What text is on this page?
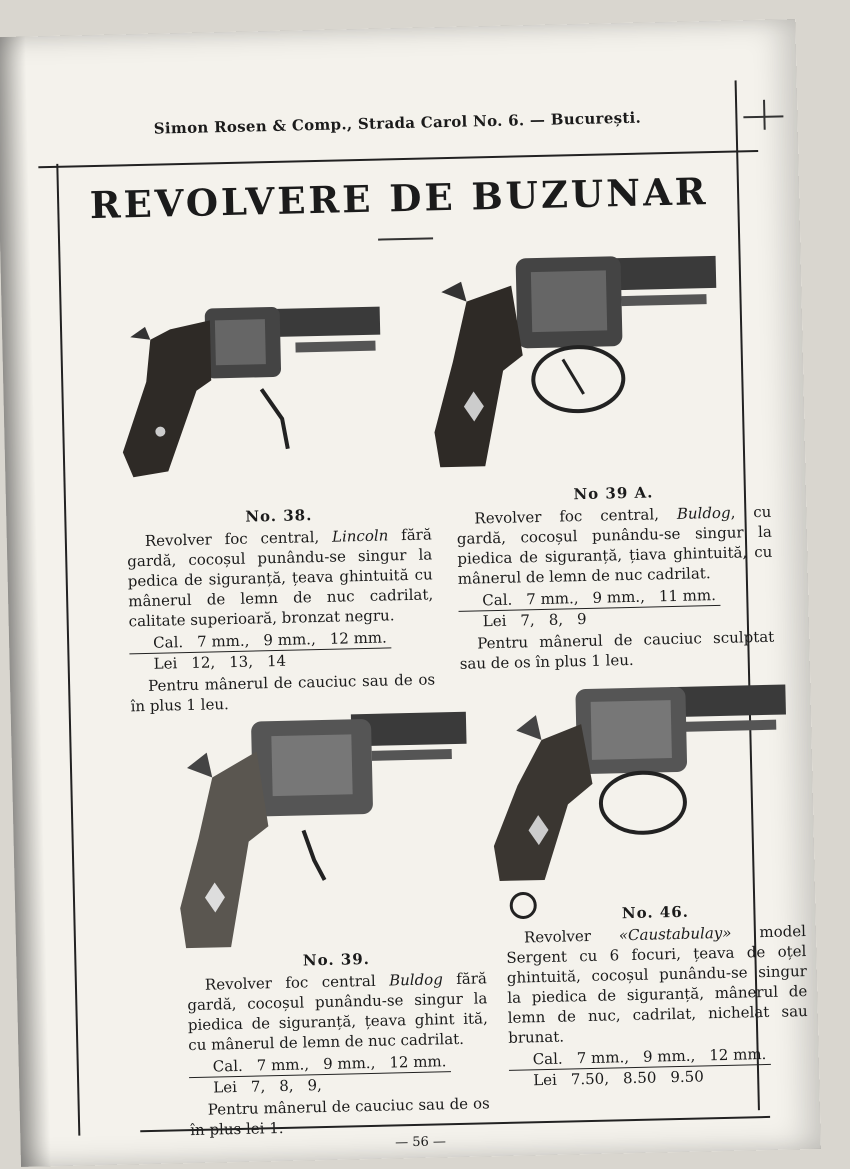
Simon Rosen & Comp., Strada Carol No. 6. — București.
REVOLVERE DE BUZUNAR
No. 38.

Revolver foc central, Lincoln fără gardă, cocoșul punându-se singur la pedica de siguranță, țeava ghintuită cu mânerul de lemn de nuc cadrilat, calitate superioară, bronzat negru.

Cal. 7 mm., 9 mm., 12 mm.
Lei 12, 13, 14

Pentru mânerul de cauciuc sau de os în plus 1 leu.

No 39 A.

Revolver foc central, Buldog, cu gardă, cocoșul punându-se singur la piedica de siguranță, țiava ghintuită, cu mânerul de lemn de nuc cadrilat.

Cal. 7 mm., 9 mm., 11 mm.
Lei 7, 8, 9

Pentru mânerul de cauciuc sculptat sau de os în plus 1 leu.

No. 39.

Revolver foc central Buldog fără gardă, cocoșul punându-se singur la piedica de siguranță, țeava ghint ită, cu mânerul de lemn de nuc cadrilat.

Cal. 7 mm., 9 mm., 12 mm.
Lei 7, 8, 9,

Pentru mânerul de cauciuc sau de os în plus lei 1.

No. 46.

Revolver «Caustabulay» model Sergent cu 6 focuri, țeava de oțel ghintuită, cocoșul punându-se singur la piedica de siguranță, mânerul de lemn de nuc, cadrilat, nichelat sau brunat.

Cal. 7 mm., 9 mm., 12 mm.
Lei 7.50, 8.50 9.50
— 56 —
